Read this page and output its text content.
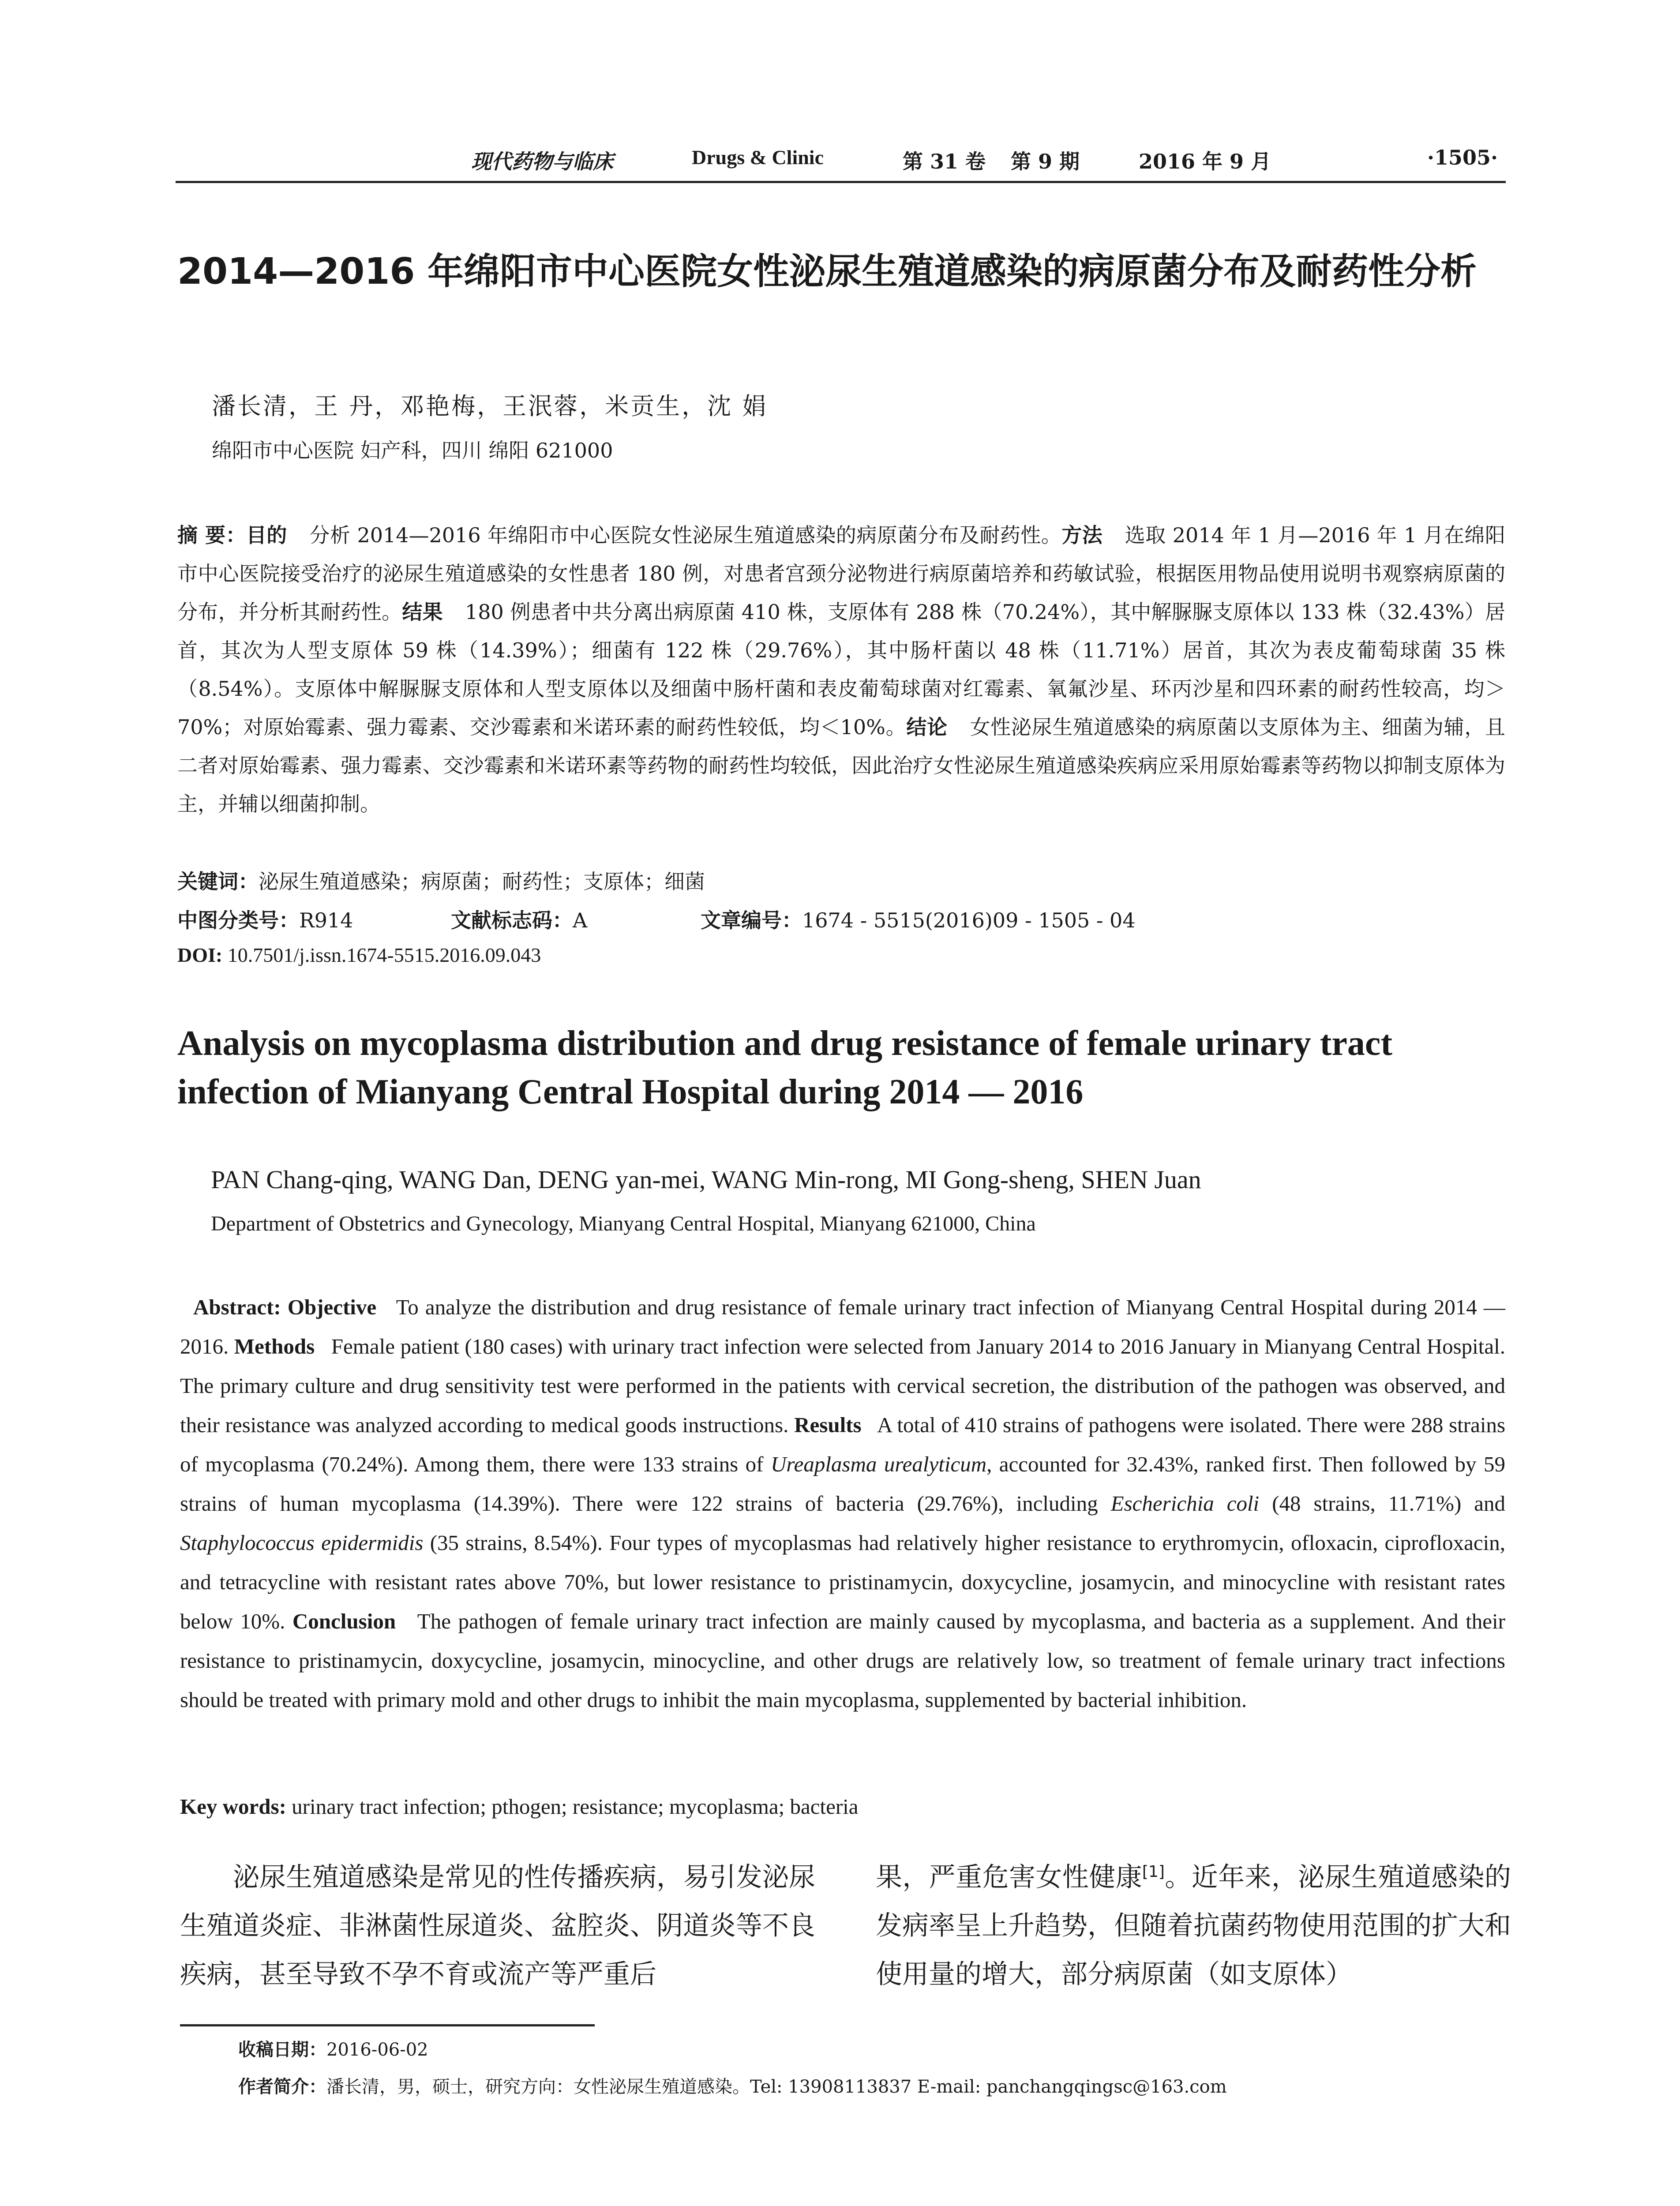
现代药物与临床	Drugs & Clinic	第 31 卷 第 9 期	2016 年 9 月	·1505·
2014—2016 年绵阳市中心医院女性泌尿生殖道感染的病原菌分布及耐药性分析
潘长清，王 丹，邓艳梅，王泯蓉，米贡生，沈 娟
绵阳市中心医院 妇产科，四川 绵阳 621000
摘 要：目的 分析 2014—2016 年绵阳市中心医院女性泌尿生殖道感染的病原菌分布及耐药性。方法 选取 2014 年 1 月—2016 年 1 月在绵阳市中心医院接受治疗的泌尿生殖道感染的女性患者 180 例，对患者宫颈分泌物进行病原菌培养和药敏试验，根据医用物品使用说明书观察病原菌的分布，并分析其耐药性。结果 180 例患者中共分离出病原菌 410 株，支原体有 288 株（70.24%），其中解脲脲支原体以 133 株（32.43%）居首，其次为人型支原体 59 株（14.39%）；细菌有 122 株（29.76%），其中肠杆菌以 48 株（11.71%）居首，其次为表皮葡萄球菌 35 株（8.54%）。支原体中解脲脲支原体和人型支原体以及细菌中肠杆菌和表皮葡萄球菌对红霉素、氧氟沙星、环丙沙星和四环素的耐药性较高，均＞70%；对原始霉素、强力霉素、交沙霉素和米诺环素的耐药性较低，均＜10%。结论 女性泌尿生殖道感染的病原菌以支原体为主、细菌为辅，且二者对原始霉素、强力霉素、交沙霉素和米诺环素等药物的耐药性均较低，因此治疗女性泌尿生殖道感染疾病应采用原始霉素等药物以抑制支原体为主，并辅以细菌抑制。
关键词：泌尿生殖道感染；病原菌；耐药性；支原体；细菌
中图分类号：R914	文献标志码：A	文章编号：1674 - 5515(2016)09 - 1505 - 04
DOI: 10.7501/j.issn.1674-5515.2016.09.043
Analysis on mycoplasma distribution and drug resistance of female urinary tract infection of Mianyang Central Hospital during 2014 — 2016
PAN Chang-qing, WANG Dan, DENG yan-mei, WANG Min-rong, MI Gong-sheng, SHEN Juan
Department of Obstetrics and Gynecology, Mianyang Central Hospital, Mianyang 621000, China
Abstract: Objective To analyze the distribution and drug resistance of female urinary tract infection of Mianyang Central Hospital during 2014 — 2016. Methods Female patient (180 cases) with urinary tract infection were selected from January 2014 to 2016 January in Mianyang Central Hospital. The primary culture and drug sensitivity test were performed in the patients with cervical secretion, the distribution of the pathogen was observed, and their resistance was analyzed according to medical goods instructions. Results A total of 410 strains of pathogens were isolated. There were 288 strains of mycoplasma (70.24%). Among them, there were 133 strains of Ureaplasma urealyticum, accounted for 32.43%, ranked first. Then followed by 59 strains of human mycoplasma (14.39%). There were 122 strains of bacteria (29.76%), including Escherichia coli (48 strains, 11.71%) and Staphylococcus epidermidis (35 strains, 8.54%). Four types of mycoplasmas had relatively higher resistance to erythromycin, ofloxacin, ciprofloxacin, and tetracycline with resistant rates above 70%, but lower resistance to pristinamycin, doxycycline, josamycin, and minocycline with resistant rates below 10%. Conclusion The pathogen of female urinary tract infection are mainly caused by mycoplasma, and bacteria as a supplement. And their resistance to pristinamycin, doxycycline, josamycin, minocycline, and other drugs are relatively low, so treatment of female urinary tract infections should be treated with primary mold and other drugs to inhibit the main mycoplasma, supplemented by bacterial inhibition.
Key words: urinary tract infection; pthogen; resistance; mycoplasma; bacteria
泌尿生殖道感染是常见的性传播疾病，易引发泌尿生殖道炎症、非淋菌性尿道炎、盆腔炎、阴道炎等不良疾病，甚至导致不孕不育或流产等严重后
果，严重危害女性健康[1]。近年来，泌尿生殖道感染的发病率呈上升趋势，但随着抗菌药物使用范围的扩大和使用量的增大，部分病原菌（如支原体）
收稿日期：2016-06-02
作者简介：潘长清，男，硕士，研究方向：女性泌尿生殖道感染。Tel: 13908113837 E-mail: panchangqingsc@163.com
